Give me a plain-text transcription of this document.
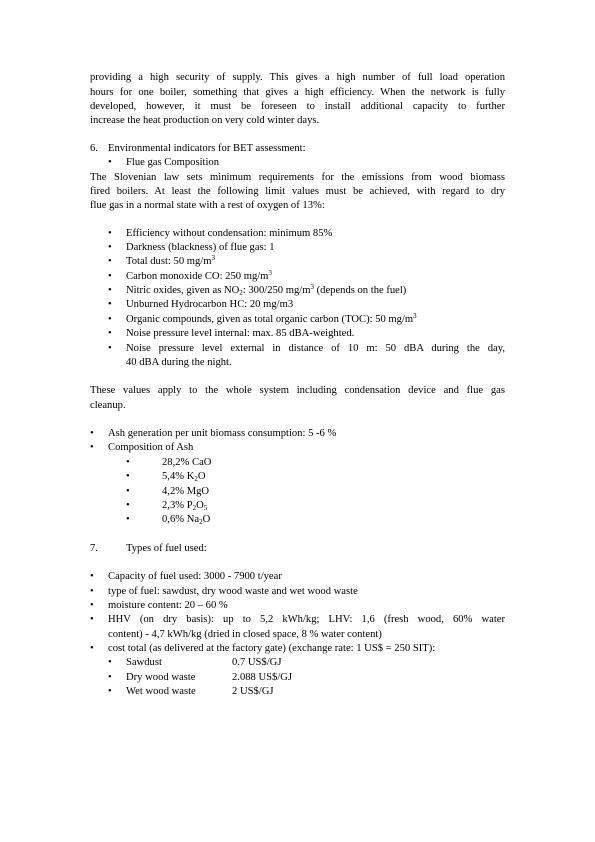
providing a high security of supply. This gives a high number of full load operation
hours for one boiler, something that gives a high efficiency. When the network is fully
developed, however, it must be foreseen to install additional capacity to further
increase the heat production on very cold winter days.
6. Environmental indicators for BET assessment:
• Flue gas Composition
The Slovenian law sets minimum requirements for the emissions from wood biomass
fired boilers. At least the following limit values must be achieved, with regard to dry
flue gas in a normal state with a rest of oxygen of 13%:
• Efficiency without condensation: minimum 85%
• Darkness (blackness) of flue gas: 1
• Total dust: 50 $mg/m^3$
• Carbon monoxide CO: 250 $mg/m^3$
• Nitric oxides, given as $NO_2$: 300/250 $mg/m^3$ (depends on the fuel)
• Unburned Hydrocarbon HC: 20 mg/m3
• Organic compounds, given as total organic carbon (TOC): 50 $mg/m^3$
• Noise pressure level internal: max. 85 dBA-weighted.
• Noise pressure level external in distance of 10 m: 50 dBA during the day,
40 dBA during the night.
These values apply to the whole system including condensation device and flue gas
cleanup.
• Ash generation per unit biomass consumption: 5 -6 %
• Composition of Ash
•	28,2% CaO
•	5,4% $K_2O$
•	4,2% MgO
•	2,3% $P_2O_5$
•	0,6% $Na_2O$
7.	Types of fuel used:
• Capacity of fuel used: 3000 - 7900 t/year
• type of fuel: sawdust, dry wood waste and wet wood waste
• moisture content: 20 – 60 %
• HHV (on dry basis): up to 5,2 kWh/kg; LHV: 1,6 (fresh wood, 60% water
content) - 4,7 kWh/kg (dried in closed space, 8 % water content)
• cost total (as delivered at the factory gate) (exchange rate: 1 US$ = 250 SIT):
• Sawdust	0.7 US$/GJ
• Dry wood waste	2.088 US$/GJ
• Wet wood waste	2 US$/GJ
